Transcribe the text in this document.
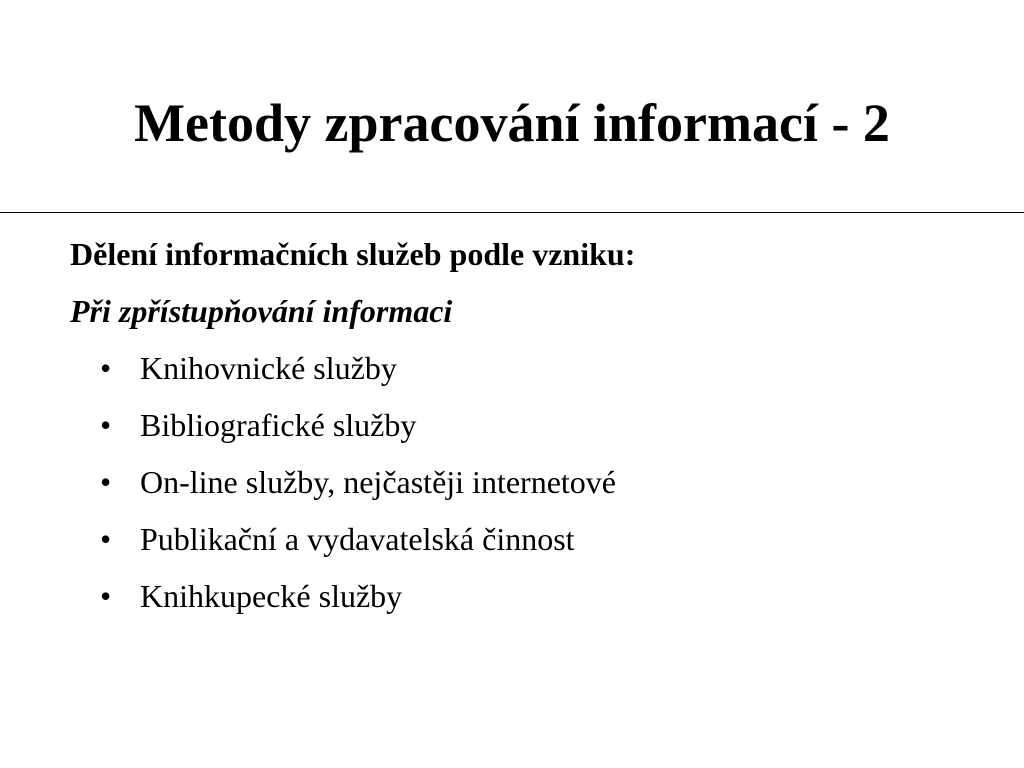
Metody zpracování informací - 2

Dělení informačních služeb podle vzniku:

Při zpřístupňování informaci

• Knihovnické služby
• Bibliografické služby
• On-line služby, nejčastěji internetové
• Publikační a vydavatelská činnost
• Knihkupecké služby
